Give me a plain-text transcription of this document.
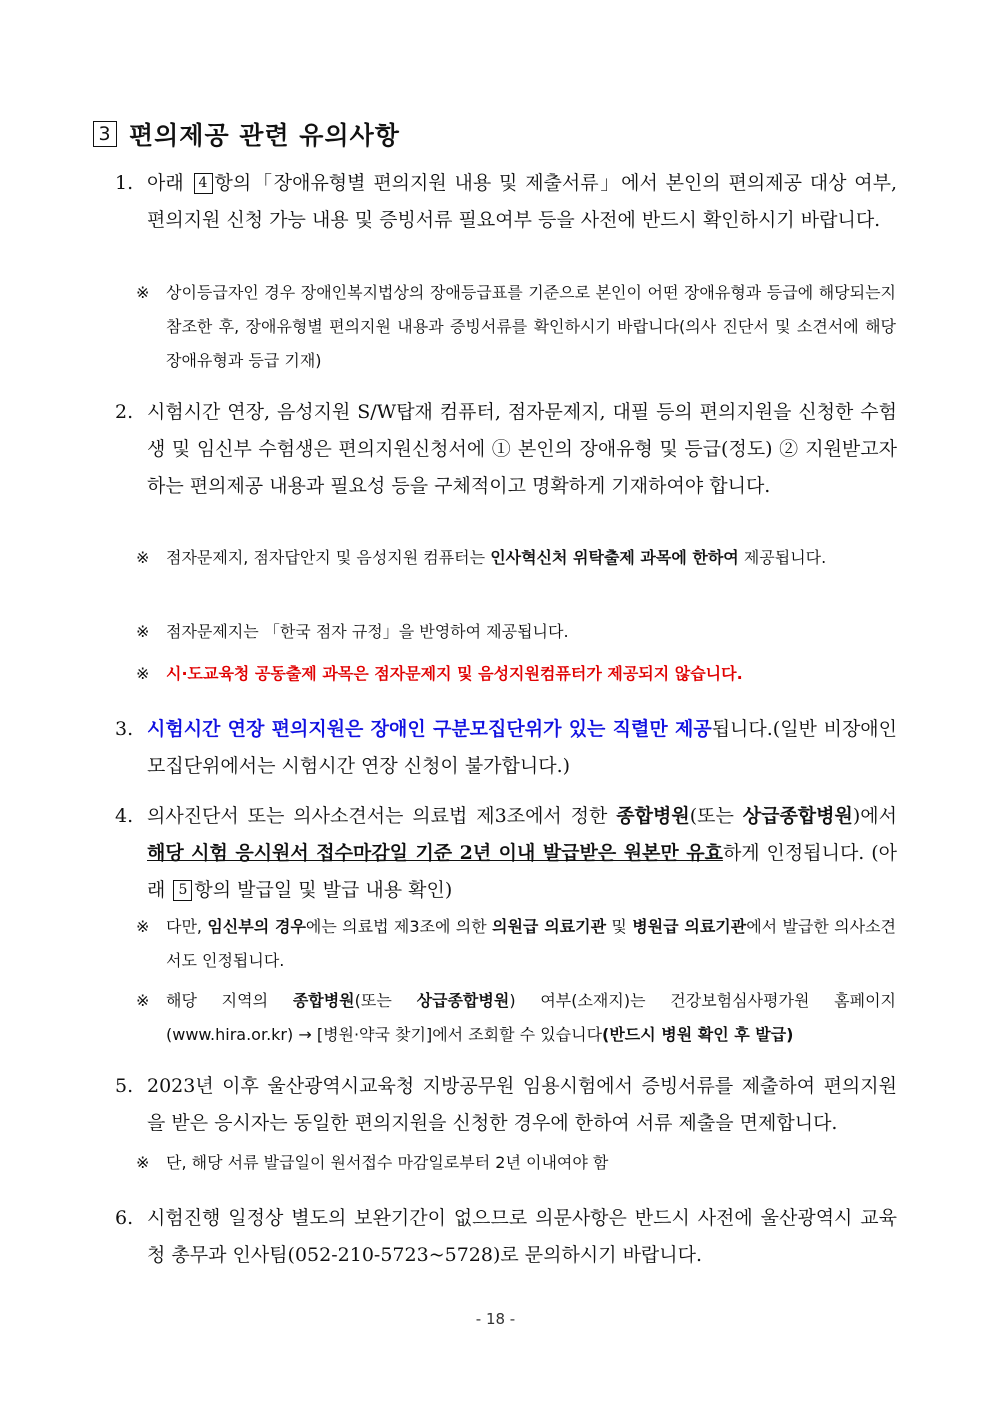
3 편의제공 관련 유의사항
1. 아래 4 항의「장애유형별 편의지원 내용 및 제출서류」에서 본인의 편의제공 대상 여부, 편의지원 신청 가능 내용 및 증빙서류 필요여부 등을 사전에 반드시 확인하시기 바랍니다.
※	상이등급자인 경우 장애인복지법상의 장애등급표를 기준으로 본인이 어떤 장애유형과 등급에 해당되는지 참조한 후, 장애유형별 편의지원 내용과 증빙서류를 확인하시기 바랍니다(의사 진단서 및 소견서에 해당 장애유형과 등급 기재)
2. 시험시간 연장, 음성지원 S/W탑재 컴퓨터, 점자문제지, 대필 등의 편의지원을 신청한 수험생 및 임신부 수험생은 편의지원신청서에 ① 본인의 장애유형 및 등급(정도) ② 지원받고자 하는 편의제공 내용과 필요성 등을 구체적이고 명확하게 기재하여야 합니다.
※	점자문제지, 점자답안지 및 음성지원 컴퓨터는 인사혁신처 위탁출제 과목에 한하여 제공됩니다.
※	점자문제지는 「한국 점자 규정」을 반영하여 제공됩니다.
※	시·도교육청 공동출제 과목은 점자문제지 및 음성지원컴퓨터가 제공되지 않습니다.
3. 시험시간 연장 편의지원은 장애인 구분모집단위가 있는 직렬만 제공됩니다.(일반 비장애인 모집단위에서는 시험시간 연장 신청이 불가합니다.)
4. 의사진단서 또는 의사소견서는 의료법 제3조에서 정한 종합병원(또는 상급종합병원)에서 해당 시험 응시원서 접수마감일 기준 2년 이내 발급받은 원본만 유효하게 인정됩니다. (아래 5 항의 발급일 및 발급 내용 확인)
※	다만, 임신부의 경우에는 의료법 제3조에 의한 의원급 의료기관 및 병원급 의료기관에서 발급한 의사소견서도 인정됩니다.
※	해당 지역의 종합병원(또는 상급종합병원) 여부(소재지)는 건강보험심사평가원 홈페이지 (www.hira.or.kr) → [병원·약국 찾기]에서 조회할 수 있습니다(반드시 병원 확인 후 발급)
5. 2023년 이후 울산광역시교육청 지방공무원 임용시험에서 증빙서류를 제출하여 편의지원을 받은 응시자는 동일한 편의지원을 신청한 경우에 한하여 서류 제출을 면제합니다.
※	단, 해당 서류 발급일이 원서접수 마감일로부터 2년 이내여야 함
6. 시험진행 일정상 별도의 보완기간이 없으므로 의문사항은 반드시 사전에 울산광역시 교육청 총무과 인사팀(052-210-5723~5728)로 문의하시기 바랍니다.
- 18 -
